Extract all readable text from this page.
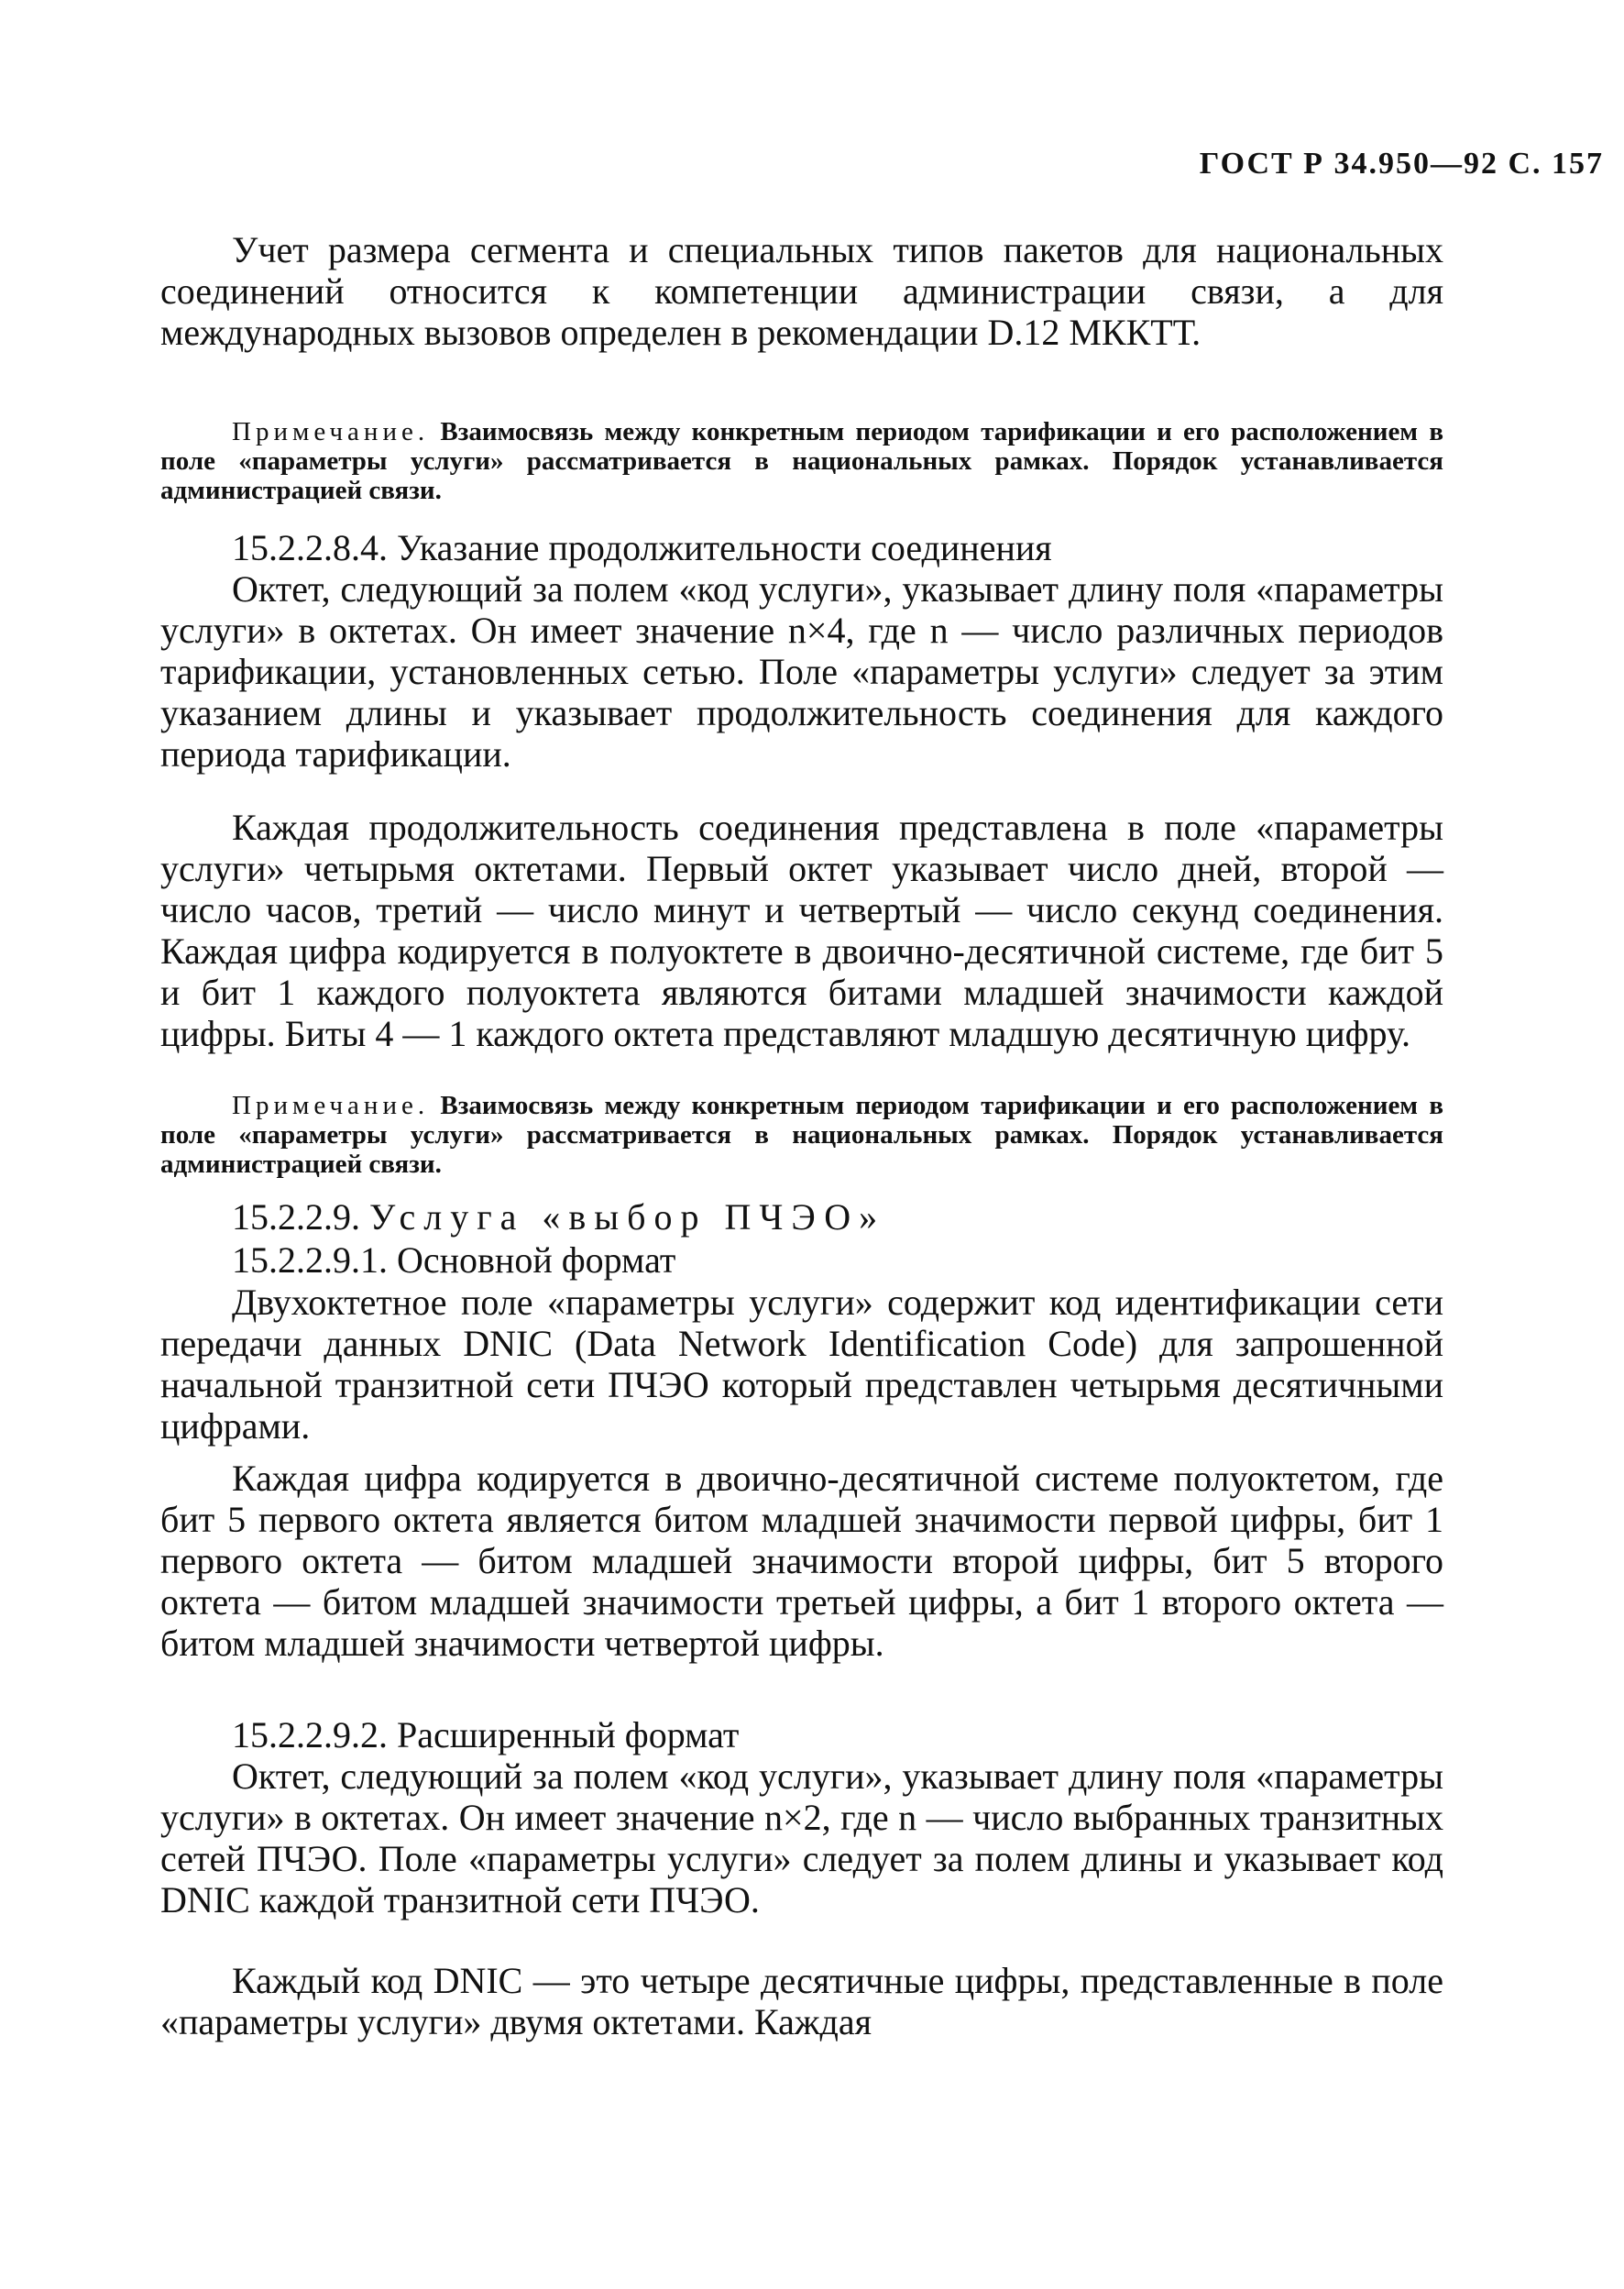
ГОСТ Р 34.950—92 С. 157

Учет размера сегмента и специальных типов пакетов для национальных соединений относится к компетенции администрации связи, а для международных вызовов определен в рекомендации D.12 МККТТ.

Примечание. Взаимосвязь между конкретным периодом тарификации и его расположением в поле «параметры услуги» рассматривается в национальных рамках. Порядок устанавливается администрацией связи.

15.2.2.8.4. Указание продолжительности соединения

Октет, следующий за полем «код услуги», указывает длину поля «параметры услуги» в октетах. Он имеет значение n×4, где n — число различных периодов тарификации, установленных сетью. Поле «параметры услуги» следует за этим указанием длины и указывает продолжительность соединения для каждого периода тарификации.

Каждая продолжительность соединения представлена в поле «параметры услуги» четырьмя октетами. Первый октет указывает число дней, второй — число часов, третий — число минут и четвертый — число секунд соединения. Каждая цифра кодируется в полуоктете в двоично-десятичной системе, где бит 5 и бит 1 каждого полуоктета являются битами младшей значимости каждой цифры. Биты 4 — 1 каждого октета представляют младшую десятичную цифру.

Примечание. Взаимосвязь между конкретным периодом тарификации и его расположением в поле «параметры услуги» рассматривается в национальных рамках. Порядок устанавливается администрацией связи.

15.2.2.9. Услуга «выбор ПЧЭО»

15.2.2.9.1. Основной формат

Двухоктетное поле «параметры услуги» содержит код идентификации сети передачи данных DNIC (Data Network Identification Code) для запрошенной начальной транзитной сети ПЧЭО который представлен четырьмя десятичными цифрами.

Каждая цифра кодируется в двоично-десятичной системе полуоктетом, где бит 5 первого октета является битом младшей значимости первой цифры, бит 1 первого октета — битом младшей значимости второй цифры, бит 5 второго октета — битом младшей значимости третьей цифры, а бит 1 второго октета — битом младшей значимости четвертой цифры.

15.2.2.9.2. Расширенный формат

Октет, следующий за полем «код услуги», указывает длину поля «параметры услуги» в октетах. Он имеет значение n×2, где n — число выбранных транзитных сетей ПЧЭО. Поле «параметры услуги» следует за полем длины и указывает код DNIC каждой транзитной сети ПЧЭО.

Каждый код DNIC — это четыре десятичные цифры, представленные в поле «параметры услуги» двумя октетами. Каждая
